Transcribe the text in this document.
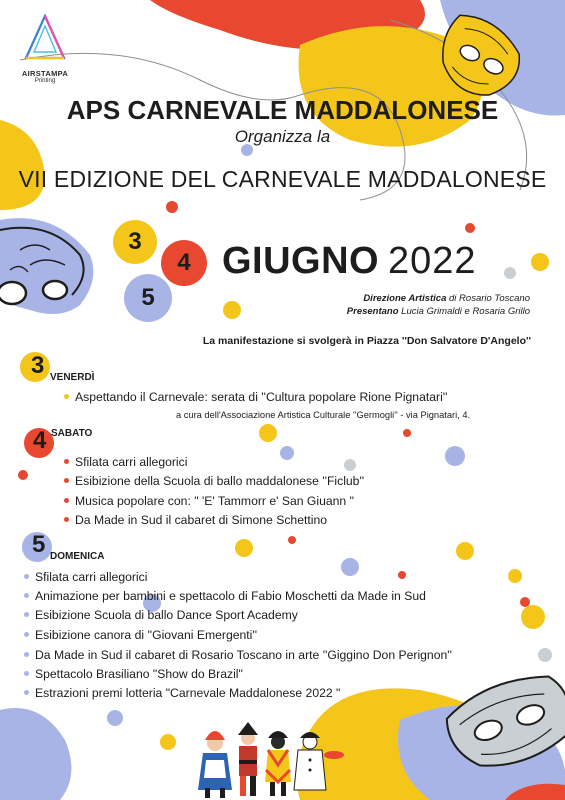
AIRSTAMPA
Printing
APS CARNEVALE MADDALONESE
Organizza la
VII EDIZIONE DEL CARNEVALE MADDALONESE
3
4
5
GIUGNO 2022
Direzione Artistica di Rosario Toscano
Presentano Lucia Grimaldi e Rosaria Grillo
La manifestazione si svolgerà in Piazza ''Don Salvatore D'Angelo''
3 VENERDÌ
Aspettando il Carnevale: serata di ''Cultura popolare Rione Pignatari''
a cura dell'Associazione Artistica Culturale ''Germogli'' - via Pignatari, 4.
4 SABATO
Sfilata carri allegorici
Esibizione della Scuola di ballo maddalonese ''Ficlub''
Musica popolare con: " 'E' Tammorr e' San Giuann "
Da Made in Sud il cabaret di Simone Schettino
5 DOMENICA
Sfilata carri allegorici
Animazione per bambini e spettacolo di Fabio Moschetti da Made in Sud
Esibizione Scuola di ballo Dance Sport Academy
Esibizione canora di ''Giovani Emergenti''
Da Made in Sud il cabaret di Rosario Toscano in arte ''Giggino Don Perignon''
Spettacolo Brasiliano "Show do Brazil"
Estrazioni premi lotteria "Carnevale Maddalonese 2022 "
